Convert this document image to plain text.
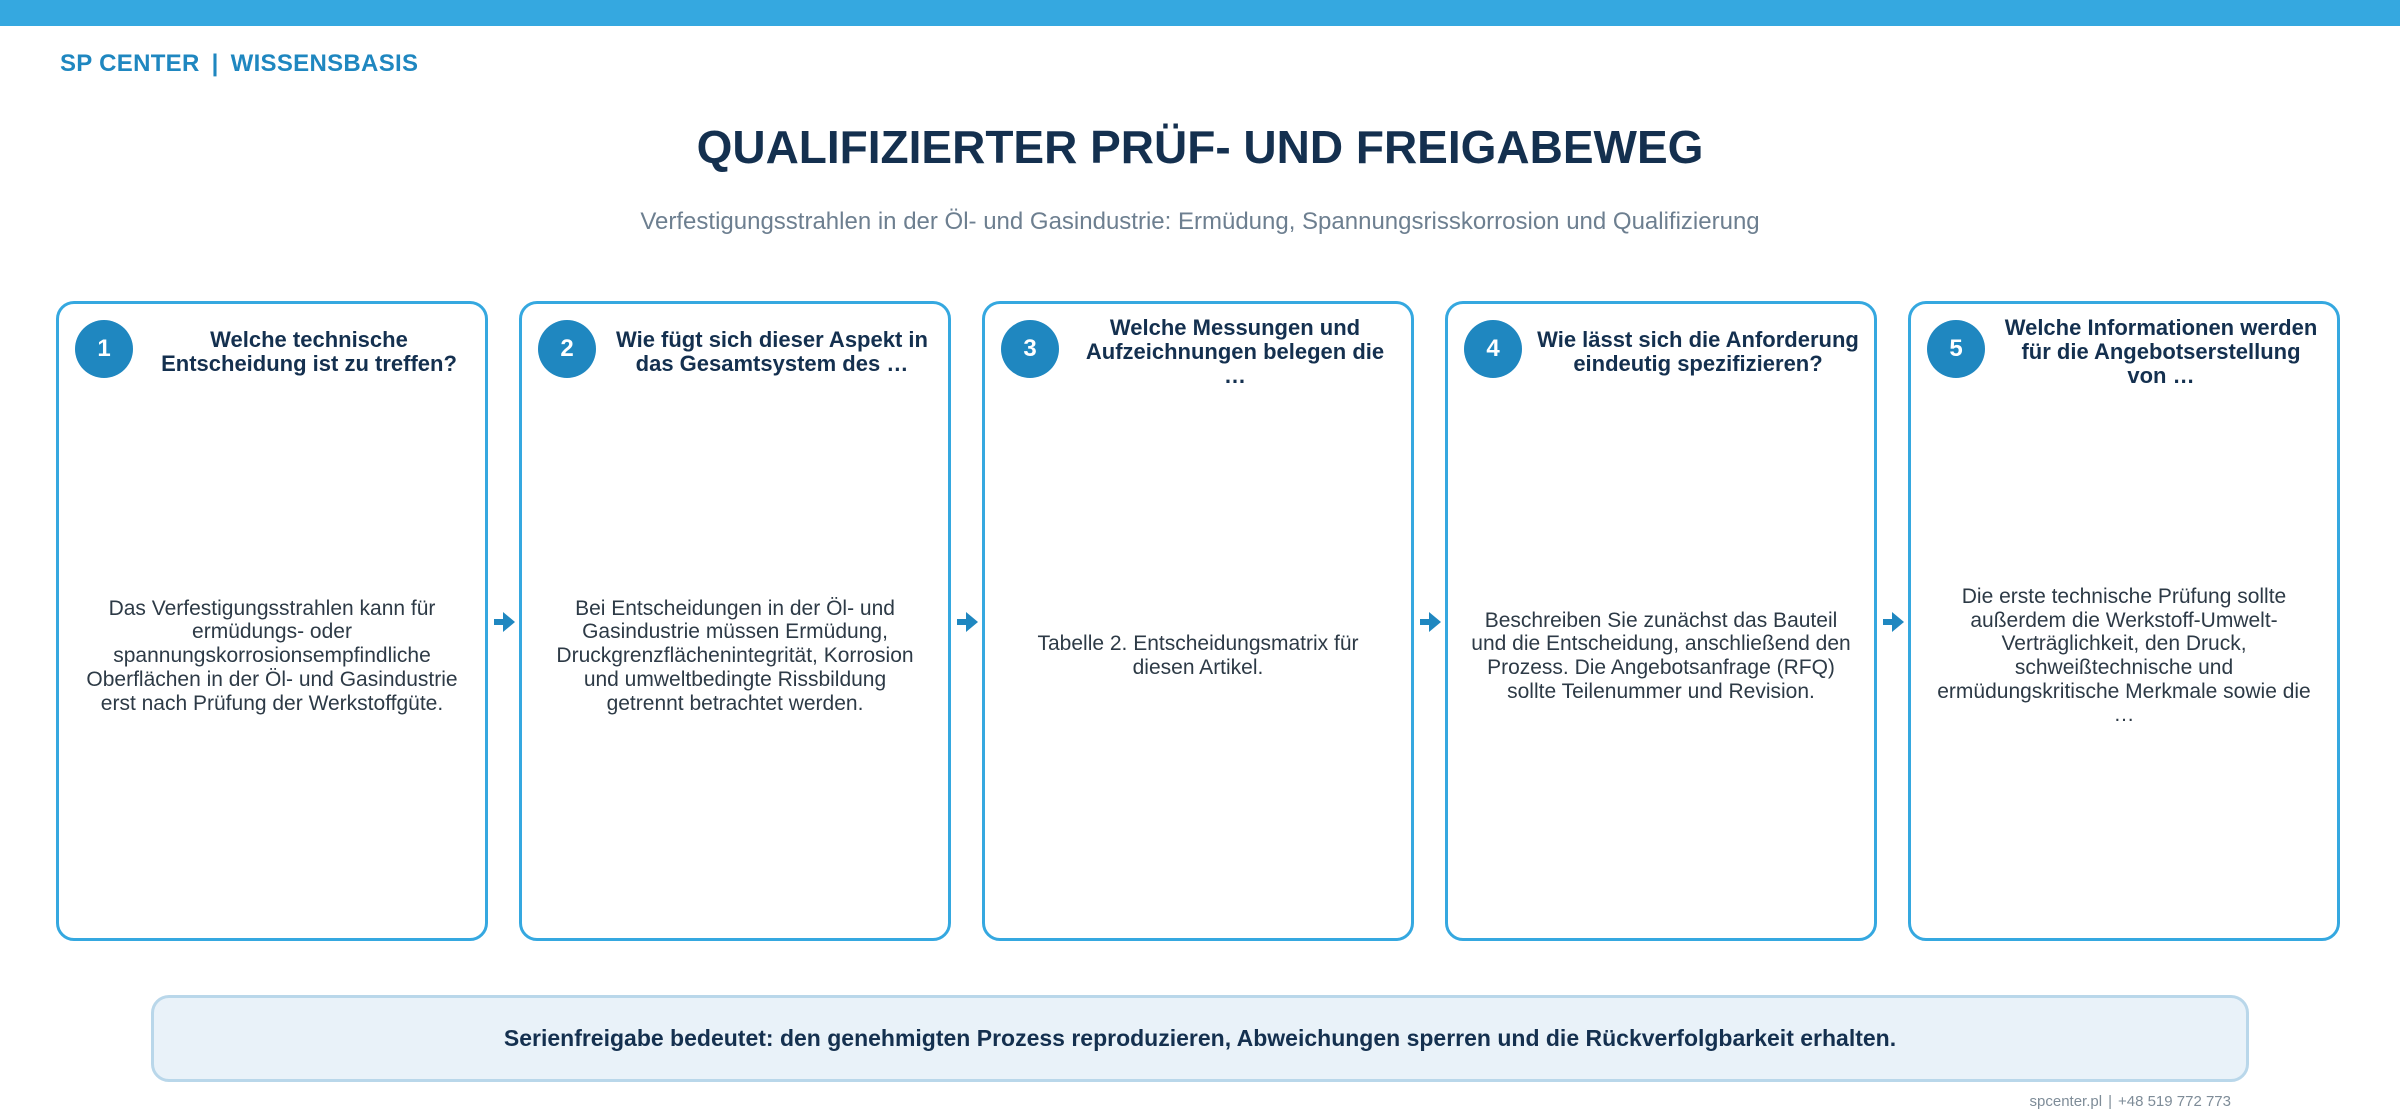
SP CENTER | WISSENSBASIS
QUALIFIZIERTER PRÜF- UND FREIGABEWEG
Verfestigungsstrahlen in der Öl- und Gasindustrie: Ermüdung, Spannungsrisskorrosion und Qualifizierung
1	Welche technische Entscheidung ist zu treffen?
Das Verfestigungsstrahlen kann für ermüdungs- oder spannungskorrosionsempfindliche Oberflächen in der Öl- und Gasindustrie erst nach Prüfung der Werkstoffgüte.
2	Wie fügt sich dieser Aspekt in das Gesamtsystem des …
Bei Entscheidungen in der Öl- und Gasindustrie müssen Ermüdung, Druckgrenzflächenintegrität, Korrosion und umweltbedingte Rissbildung getrennt betrachtet werden.
3
Welche Messungen und Aufzeichnungen belegen die …
Tabelle 2. Entscheidungsmatrix für diesen Artikel.
4	Wie lässt sich die Anforderung eindeutig spezifizieren?
Beschreiben Sie zunächst das Bauteil und die Entscheidung, anschließend den Prozess. Die Angebotsanfrage (RFQ) sollte Teilenummer und Revision.
5
Welche Informationen werden für die Angebotserstellung von …
Die erste technische Prüfung sollte außerdem die Werkstoff-Umwelt-Verträglichkeit, den Druck, schweißtechnische und ermüdungskritische Merkmale sowie die …
Serienfreigabe bedeutet: den genehmigten Prozess reproduzieren, Abweichungen sperren und die Rückverfolgbarkeit erhalten.
spcenter.pl | +48 519 772 773
